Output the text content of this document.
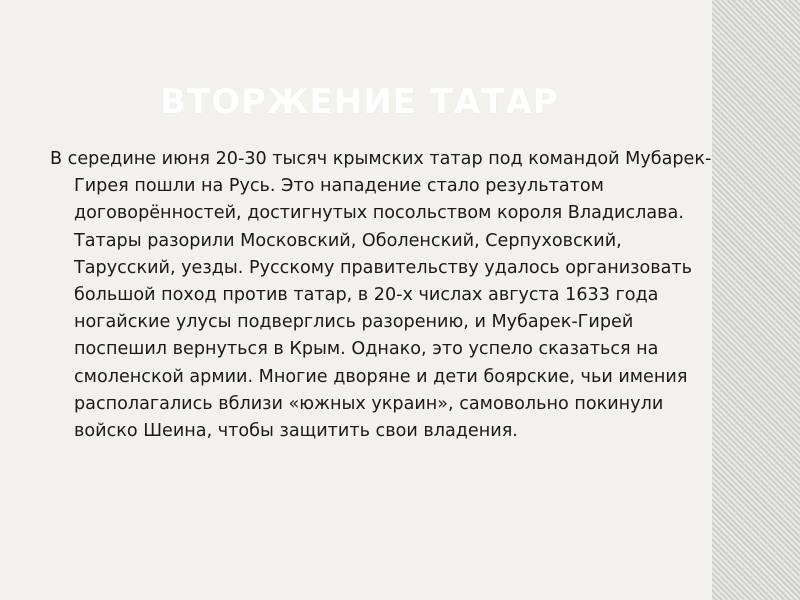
ВТОРЖЕНИЕ ТАТАР

В середине июня 20-30 тысяч крымских татар под командой Мубарек-Гирея пошли на Русь. Это нападение стало результатом договорённостей, достигнутых посольством короля Владислава. Татары разорили Московский, Оболенский, Серпуховский, Тарусский, уезды. Русскому правительству удалось организовать большой поход против татар, в 20-х числах августа 1633 года ногайские улусы подверглись разорению, и Мубарек-Гирей поспешил вернуться в Крым. Однако, это успело сказаться на смоленской армии. Многие дворяне и дети боярские, чьи имения располагались вблизи «южных украин», самовольно покинули войско Шеина, чтобы защитить свои владения.
